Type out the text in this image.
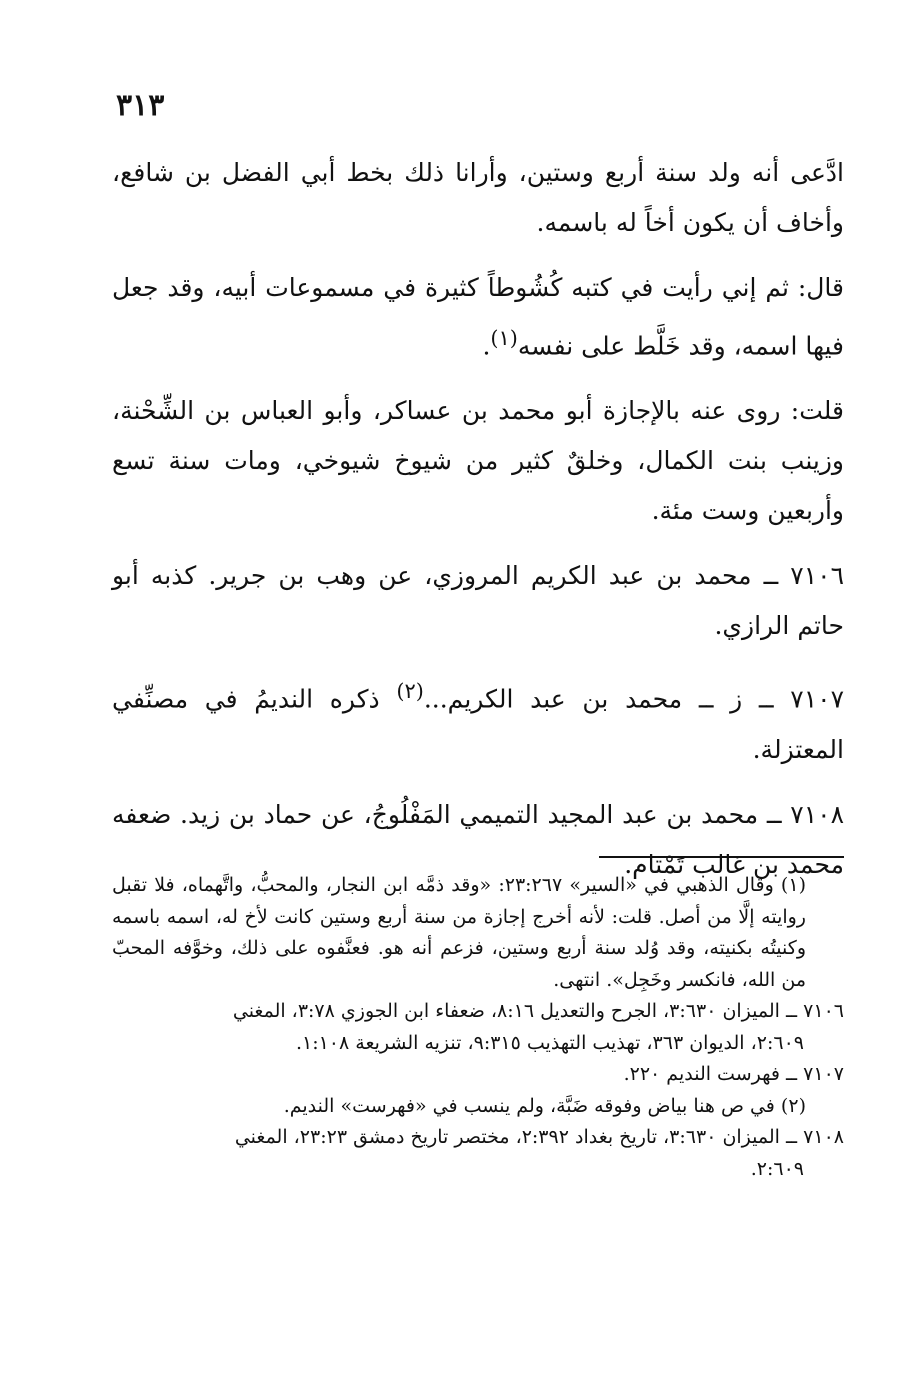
٣١٣

ادَّعى أنه ولد سنة أربع وستين، وأرانا ذلك بخط أبي الفضل بن شافع، وأخاف أن يكون أخاً له باسمه.

قال: ثم إني رأيت في كتبه كُشُوطاً كثيرة في مسموعات أبيه، وقد جعل فيها اسمه، وقد خَلَّط على نفسه$^{(١)}$.

قلت: روى عنه بالإجازة أبو محمد بن عساكر، وأبو العباس بن الشِّحْنة، وزينب بنت الكمال، وخلقٌ كثير من شيوخ شيوخي، ومات سنة تسع وأربعين وست مئة.

٧١٠٦ ــ محمد بن عبد الكريم المروزي، عن وهب بن جرير. كذبه أبو حاتم الرازي.

٧١٠٧ ــ ز ــ محمد بن عبد الكريم...$^{(٢)}$ ذكره النديمُ في مصنِّفي المعتزلة.

٧١٠٨ ــ محمد بن عبد المجيد التميمي المَفْلُوجُ، عن حماد بن زيد. ضعفه محمد بن غالب تَمْتام.

(١) وقال الذهبي في «السير» ٢٣:٢٦٧: «وقد ذمَّه ابن النجار، والمحبُّ، واتَّهماه، فلا تقبل روايته إلَّا من أصل. قلت: لأنه أخرج إجازة من سنة أربع وستين كانت لأخ له، اسمه باسمه وكنيتُه بكنيته، وقد وُلد سنة أربع وستين، فزعم أنه هو. فعنَّفوه على ذلك، وخوَّفه المحبّ من الله، فانكسر وخَجِل». انتهى.

٧١٠٦ ــ الميزان ٣:٦٣٠، الجرح والتعديل ٨:١٦، ضعفاء ابن الجوزي ٣:٧٨، المغني
٢:٦٠٩، الديوان ٣٦٣، تهذيب التهذيب ٩:٣١٥، تنزيه الشريعة ١:١٠٨.

٧١٠٧ ــ فهرست النديم ٢٢٠.

(٢) في ص هنا بياض وفوقه ضَبَّة، ولم ينسب في «فهرست» النديم.

٧١٠٨ ــ الميزان ٣:٦٣٠، تاريخ بغداد ٢:٣٩٢، مختصر تاريخ دمشق ٢٣:٢٣، المغني
٢:٦٠٩.
